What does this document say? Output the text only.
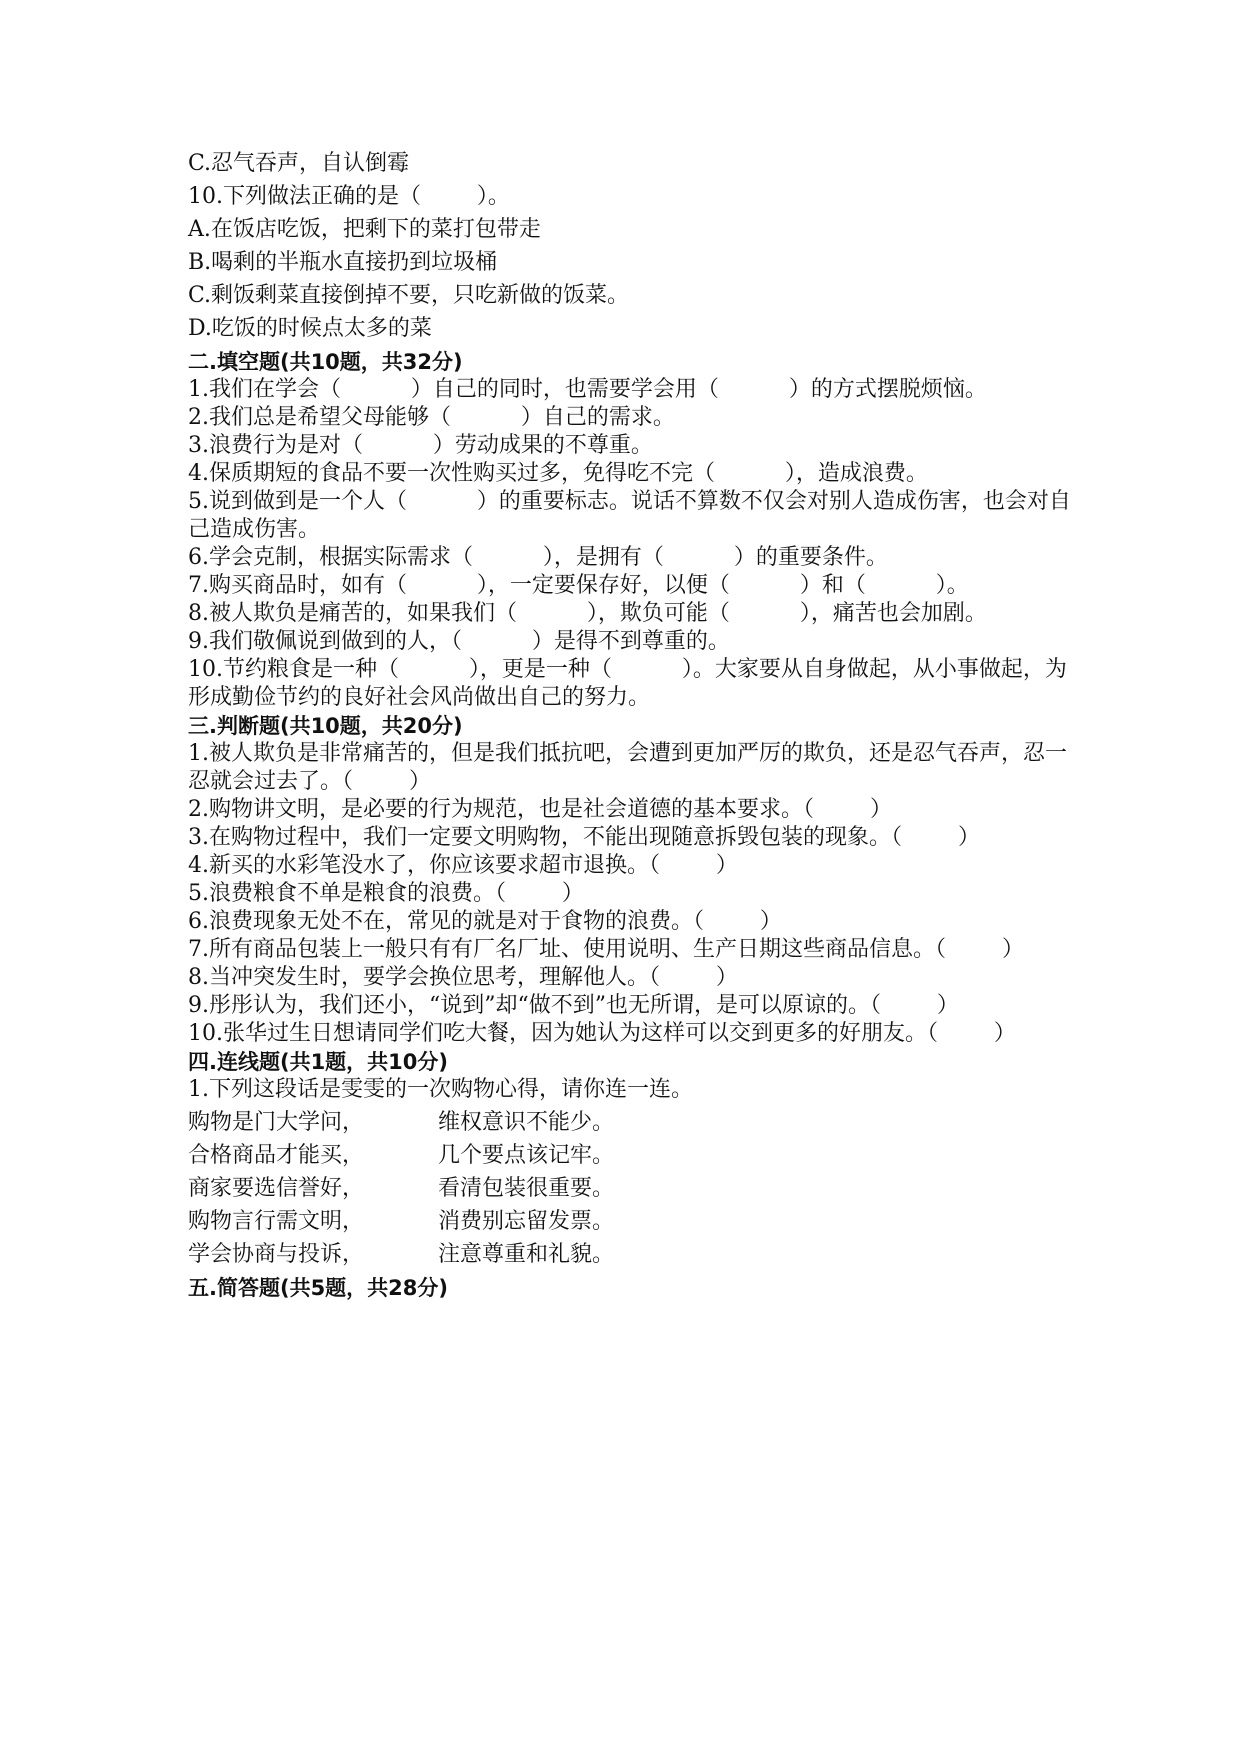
C.忍气吞声，自认倒霉
10.下列做法正确的是（        ）。
A.在饭店吃饭，把剩下的菜打包带走
B.喝剩的半瓶水直接扔到垃圾桶
C.剩饭剩菜直接倒掉不要，只吃新做的饭菜。
D.吃饭的时候点太多的菜
二.填空题(共10题，共32分)
1.我们在学会（          ）自己的同时，也需要学会用（          ）的方式摆脱烦恼。
2.我们总是希望父母能够（          ）自己的需求。
3.浪费行为是对（          ）劳动成果的不尊重。
4.保质期短的食品不要一次性购买过多，免得吃不完（          ），造成浪费。
5.说到做到是一个人（          ）的重要标志。说话不算数不仅会对别人造成伤害，也会对自己造成伤害。
6.学会克制，根据实际需求（          ），是拥有（          ）的重要条件。
7.购买商品时，如有（          ），一定要保存好，以便（          ）和（          ）。
8.被人欺负是痛苦的，如果我们（          ），欺负可能（          ），痛苦也会加剧。
9.我们敬佩说到做到的人，（          ）是得不到尊重的。
10.节约粮食是一种（          ），更是一种（          ）。大家要从自身做起，从小事做起，为形成勤俭节约的良好社会风尚做出自己的努力。
三.判断题(共10题，共20分)
1.被人欺负是非常痛苦的，但是我们抵抗吧，会遭到更加严厉的欺负，还是忍气吞声，忍一忍就会过去了。（        ）
2.购物讲文明，是必要的行为规范，也是社会道德的基本要求。（        ）
3.在购物过程中，我们一定要文明购物，不能出现随意拆毁包装的现象。（        ）
4.新买的水彩笔没水了，你应该要求超市退换。（        ）
5.浪费粮食不单是粮食的浪费。（        ）
6.浪费现象无处不在，常见的就是对于食物的浪费。（        ）
7.所有商品包装上一般只有有厂名厂址、使用说明、生产日期这些商品信息。（        ）
8.当冲突发生时，要学会换位思考，理解他人。（        ）
9.彤彤认为，我们还小，“说到”却“做不到”也无所谓，是可以原谅的。（        ）
10.张华过生日想请同学们吃大餐，因为她认为这样可以交到更多的好朋友。（        ）
四.连线题(共1题，共10分)
1.下列这段话是雯雯的一次购物心得，请你连一连。
购物是门大学问，	维权意识不能少。
合格商品才能买，	几个要点该记牢。
商家要选信誉好，	看清包装很重要。
购物言行需文明，	消费别忘留发票。
学会协商与投诉，	注意尊重和礼貌。
五.简答题(共5题，共28分)
